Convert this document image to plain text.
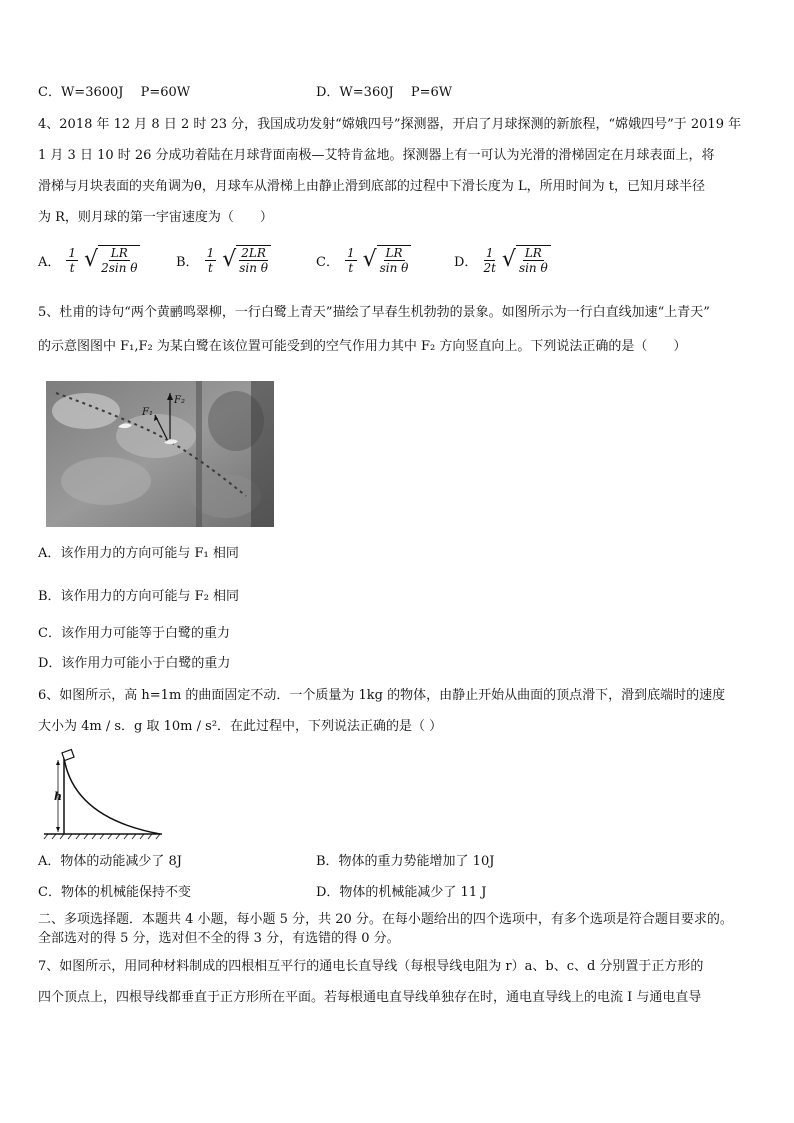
C．W=3600J　 P=60W	D．W=360J　 P=6W
4、2018 年 12 月 8 日 2 时 23 分，我国成功发射“嫦娥四号”探测器，开启了月球探测的新旅程，“嫦娥四号”于 2019 年
1 月 3 日 10 时 26 分成功着陆在月球背面南极—艾特肯盆地。探测器上有一可认为光滑的滑梯固定在月球表面上，将
滑梯与月块表面的夹角调为θ，月球车从滑梯上由静止滑到底部的过程中下滑长度为 L，所用时间为 t，已知月球半径
为 R，则月球的第一宇宙速度为（　　）
A． $\frac{1}{t}$ √ $\frac{LR}{\text{2sin θ}}$	B． $\frac{1}{t}$ √ $\frac{2LR}{\text{sin θ}}$	C． $\frac{1}{t}$ √ $\frac{LR}{\text{sin θ}}$	D． $\frac{1}{2t}$ √ $\frac{LR}{\text{sin θ}}$
5、杜甫的诗句“两个黄鹂鸣翠柳，一行白鹭上青天”描绘了早春生机勃勃的景象。如图所示为一行白直线加速“上青天”
的示意图图中 F₁,F₂ 为某白鹭在该位置可能受到的空气作用力其中 F₂ 方向竖直向上。下列说法正确的是（　　）
F₁
F₂
A．该作用力的方向可能与 F₁ 相同
B．该作用力的方向可能与 F₂ 相同
C．该作用力可能等于白鹭的重力
D．该作用力可能小于白鹭的重力
6、如图所示，高 h=1m 的曲面固定不动．一个质量为 1kg 的物体，由静止开始从曲面的顶点滑下，滑到底端时的速度
大小为 4m / s．g 取 10m / s²．在此过程中，下列说法正确的是（ ）
h
A．物体的动能减少了 8J	B．物体的重力势能增加了 10J
C．物体的机械能保持不变	D．物体的机械能减少了 11 J
二、多项选择题．本题共 4 小题，每小题 5 分，共 20 分。在每小题给出的四个选项中，有多个选项是符合题目要求的。
全部选对的得 5 分，选对但不全的得 3 分，有选错的得 0 分。
7、如图所示，用同种材料制成的四根相互平行的通电长直导线（每根导线电阻为 r）a、b、c、d 分别置于正方形的
四个顶点上，四根导线都垂直于正方形所在平面。若每根通电直导线单独存在时，通电直导线上的电流 I 与通电直导
